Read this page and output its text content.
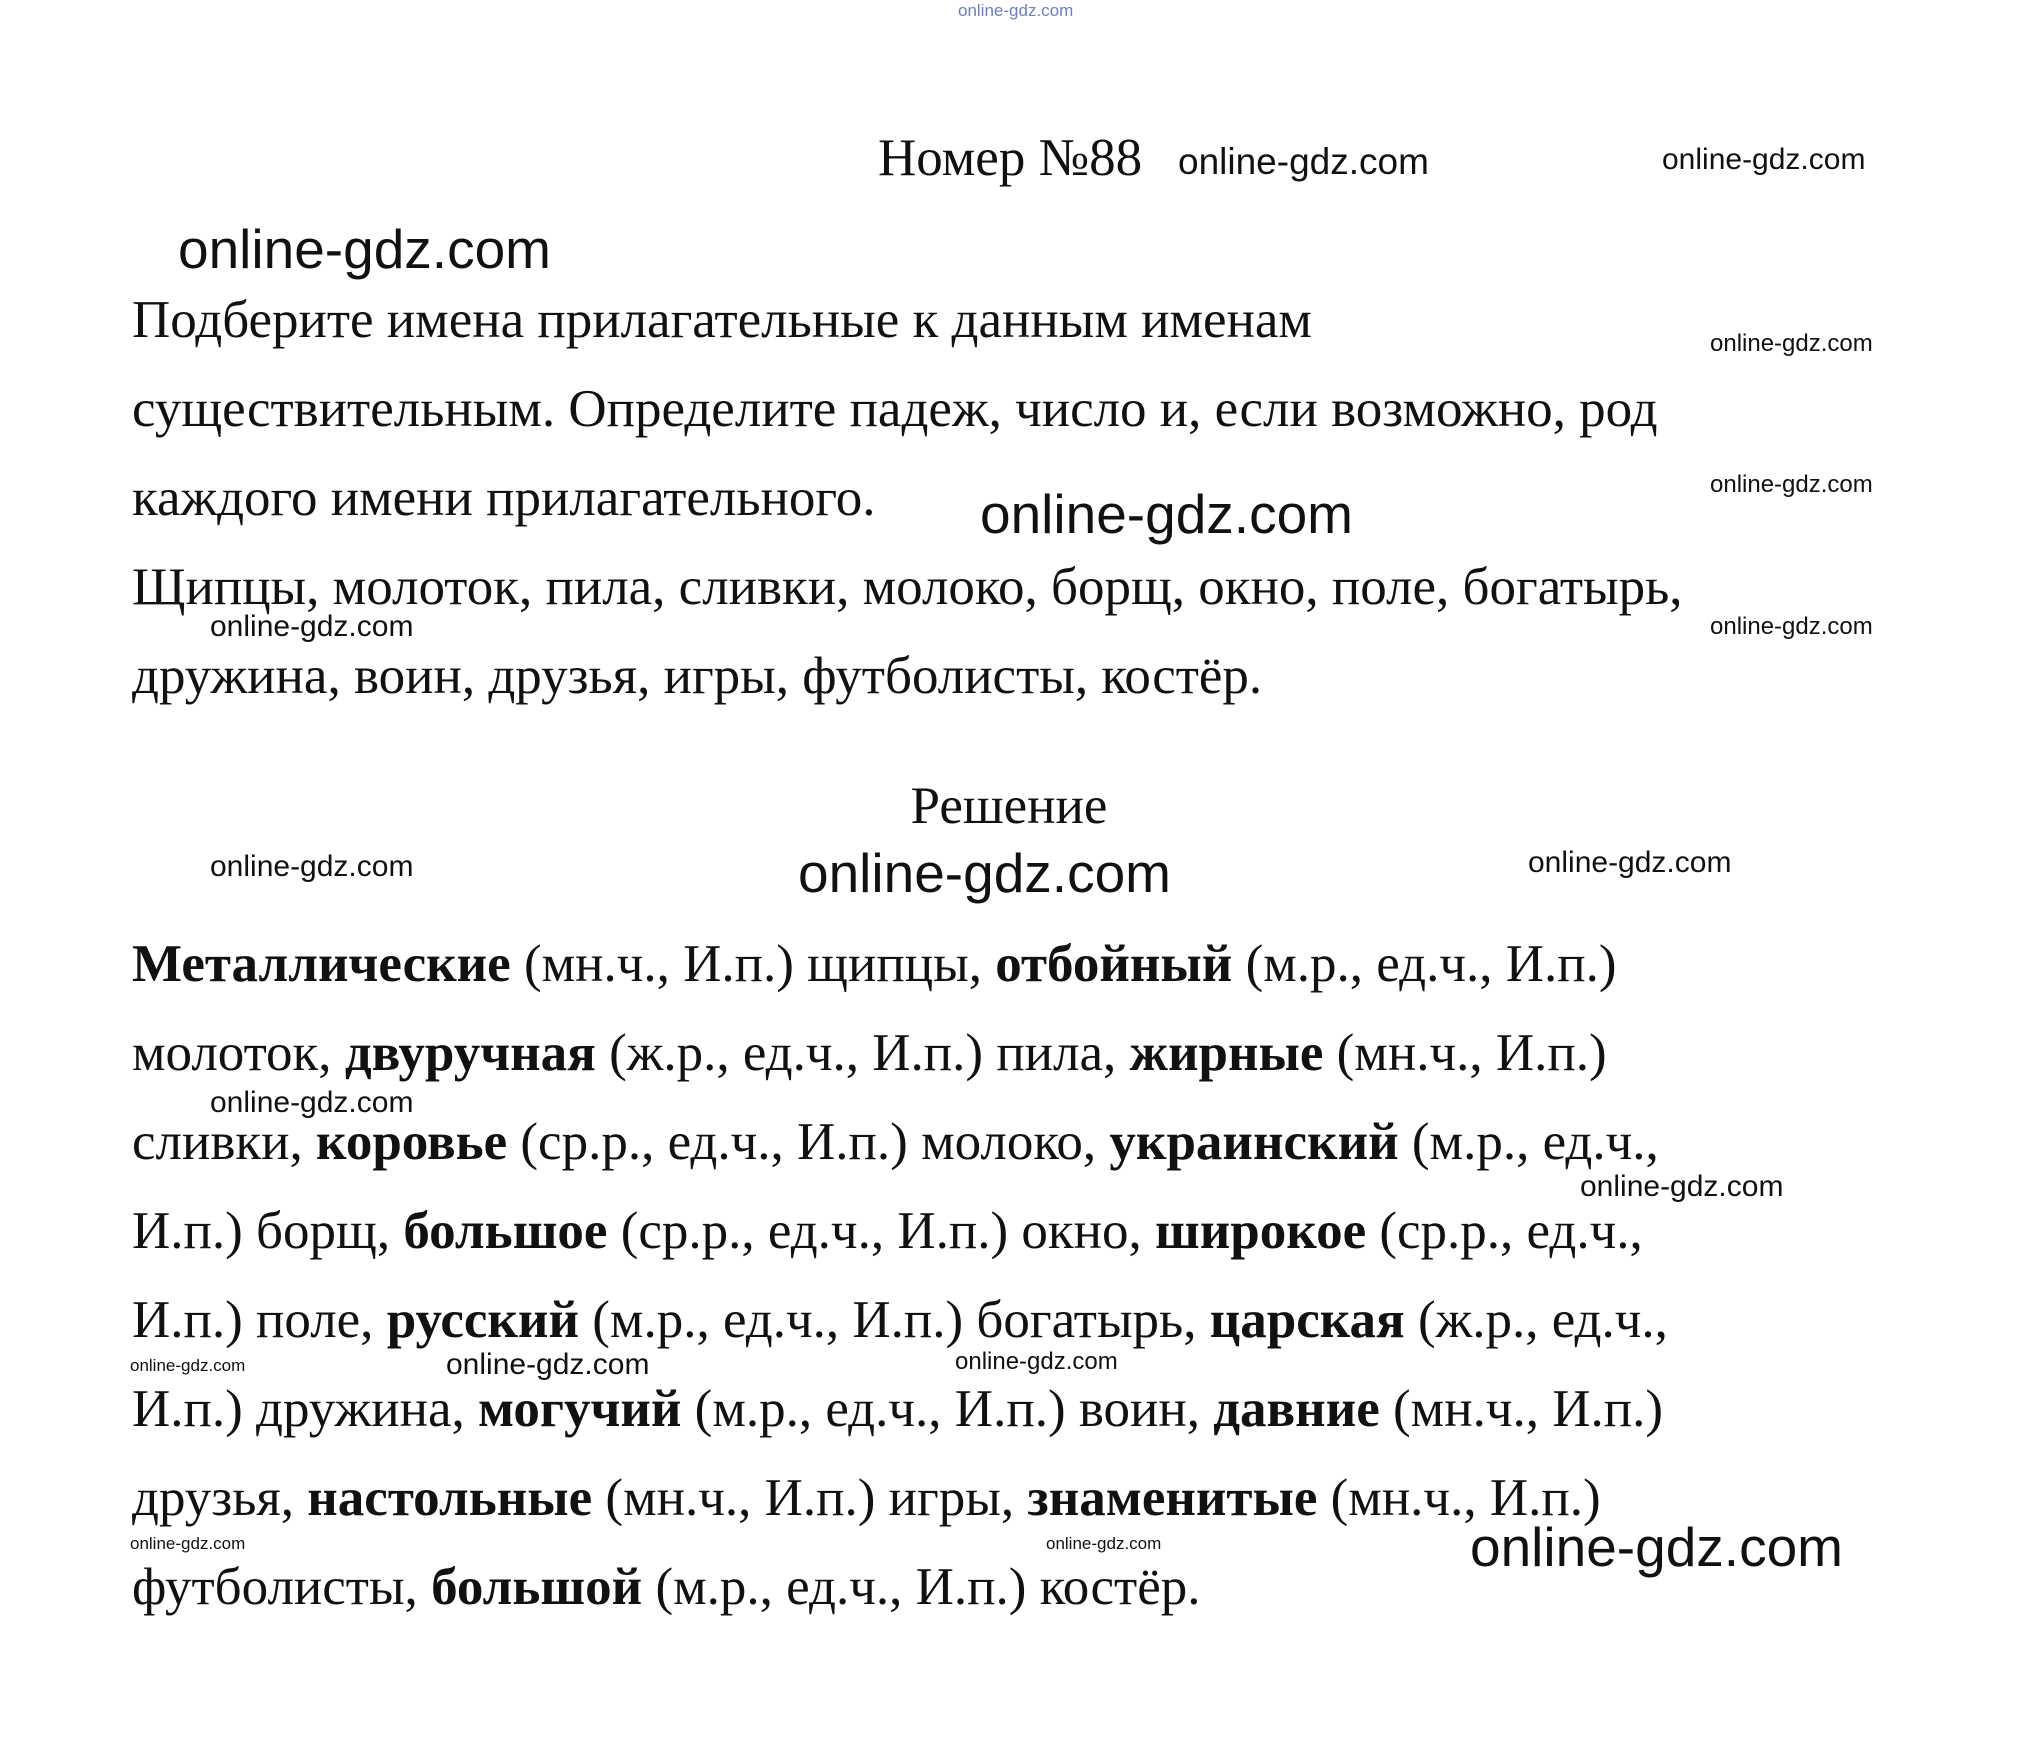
online-gdz.com
Номер №88
Подберите имена прилагательные к данным именам
существительным. Определите падеж, число и, если возможно, род
каждого имени прилагательного.
Щипцы, молоток, пила, сливки, молоко, борщ, окно, поле, богатырь,
дружина, воин, друзья, игры, футболисты, костёр.
Решение
Металлические (мн.ч., И.п.) щипцы, отбойный (м.р., ед.ч., И.п.)
молоток, двуручная (ж.р., ед.ч., И.п.) пила, жирные (мн.ч., И.п.)
сливки, коровье (ср.р., ед.ч., И.п.) молоко, украинский (м.р., ед.ч.,
И.п.) борщ, большое (ср.р., ед.ч., И.п.) окно, широкое (ср.р., ед.ч.,
И.п.) поле, русский (м.р., ед.ч., И.п.) богатырь, царская (ж.р., ед.ч.,
И.п.) дружина, могучий (м.р., ед.ч., И.п.) воин, давние (мн.ч., И.п.)
друзья, настольные (мн.ч., И.п.) игры, знаменитые (мн.ч., И.п.)
футболисты, большой (м.р., ед.ч., И.п.) костёр.
online-gdz.com	online-gdz.com
online-gdz.com
online-gdz.com
online-gdz.com
online-gdz.com
online-gdz.com	online-gdz.com
online-gdz.com	online-gdz.com	online-gdz.com
online-gdz.com
online-gdz.com
online-gdz.com	online-gdz.com	online-gdz.com
online-gdz.com	online-gdz.com	online-gdz.com
